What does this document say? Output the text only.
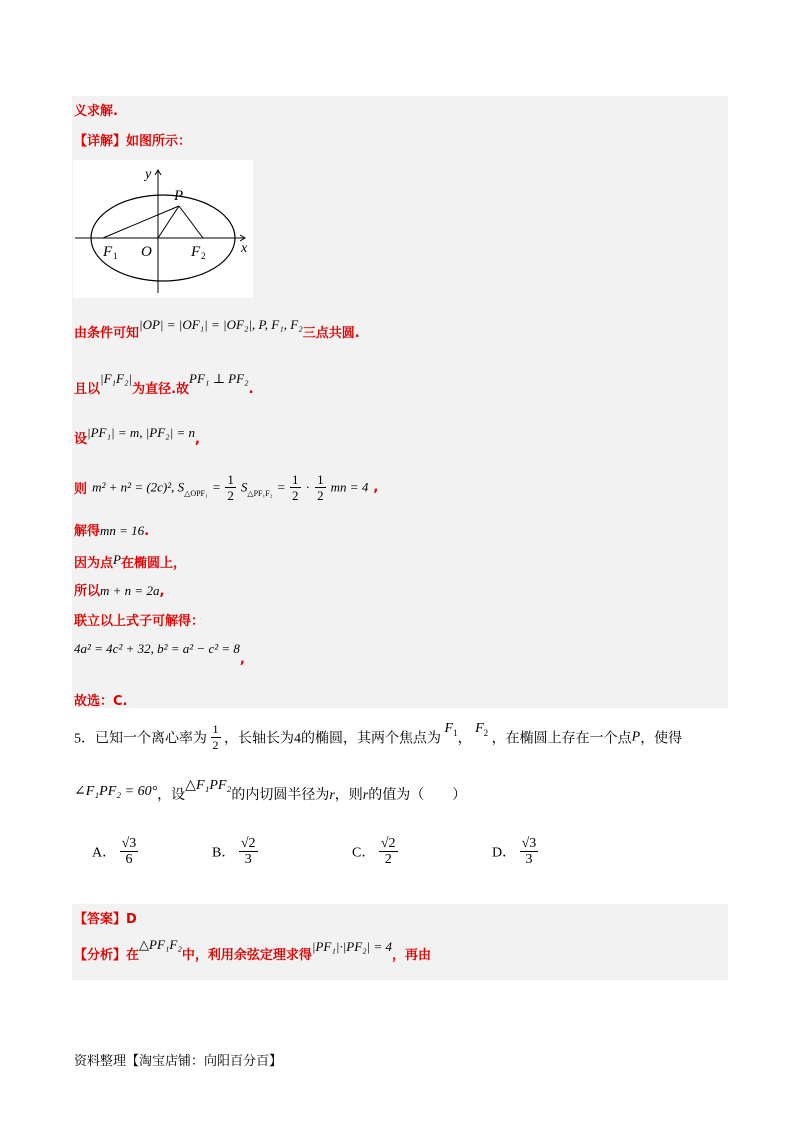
义求解.
【详解】如图所示：
y
x
P
O
F 1	F 2
由条件可知$^{|OP| = |OF_1| = |OF_2|, P, F_1, F_2}$三点共圆.
且以$^{|F_1F_2|}$为直径.故$^{PF_1 \perp PF_2}$.
设$^{|PF_1| = m, |PF_2| = n}$,
则 m² + n² = (2c)², $S_{\triangle OPF_1} = \frac{1}{2} S_{\triangle PF_1F_2} = \frac{1}{2} \cdot \frac{1}{2}$ mn = 4 ,
解得mn = 16.
因为点P在椭圆上，
所以m + n = 2a,
联立以上式子可解得：
4a² = 4c² + 32, $b^2 = a^2 - c^2 = 8_,$
故选：C.
5．已知一个离心率为 $\frac{1}{2}$ ，长轴长为4的椭圆，其两个焦点为 $F_1$， $F_2$ ，在椭圆上存在一个点P，使得
∠F₁PF₂ = 60°，设△F₁PF₂的内切圆半径为r，则r的值为（　　）
A． $\frac{√3}{6}$	B． $\frac{√2}{3}$	C． $\frac{√2}{2}$	D． $\frac{√3}{3}$
【答案】D
【分析】在$^{\triangle PF_1F_2}$中，利用余弦定理求得$^{|PF_1|\cdot|PF_2| = 4}$，再由
资料整理【淘宝店铺：向阳百分百】
